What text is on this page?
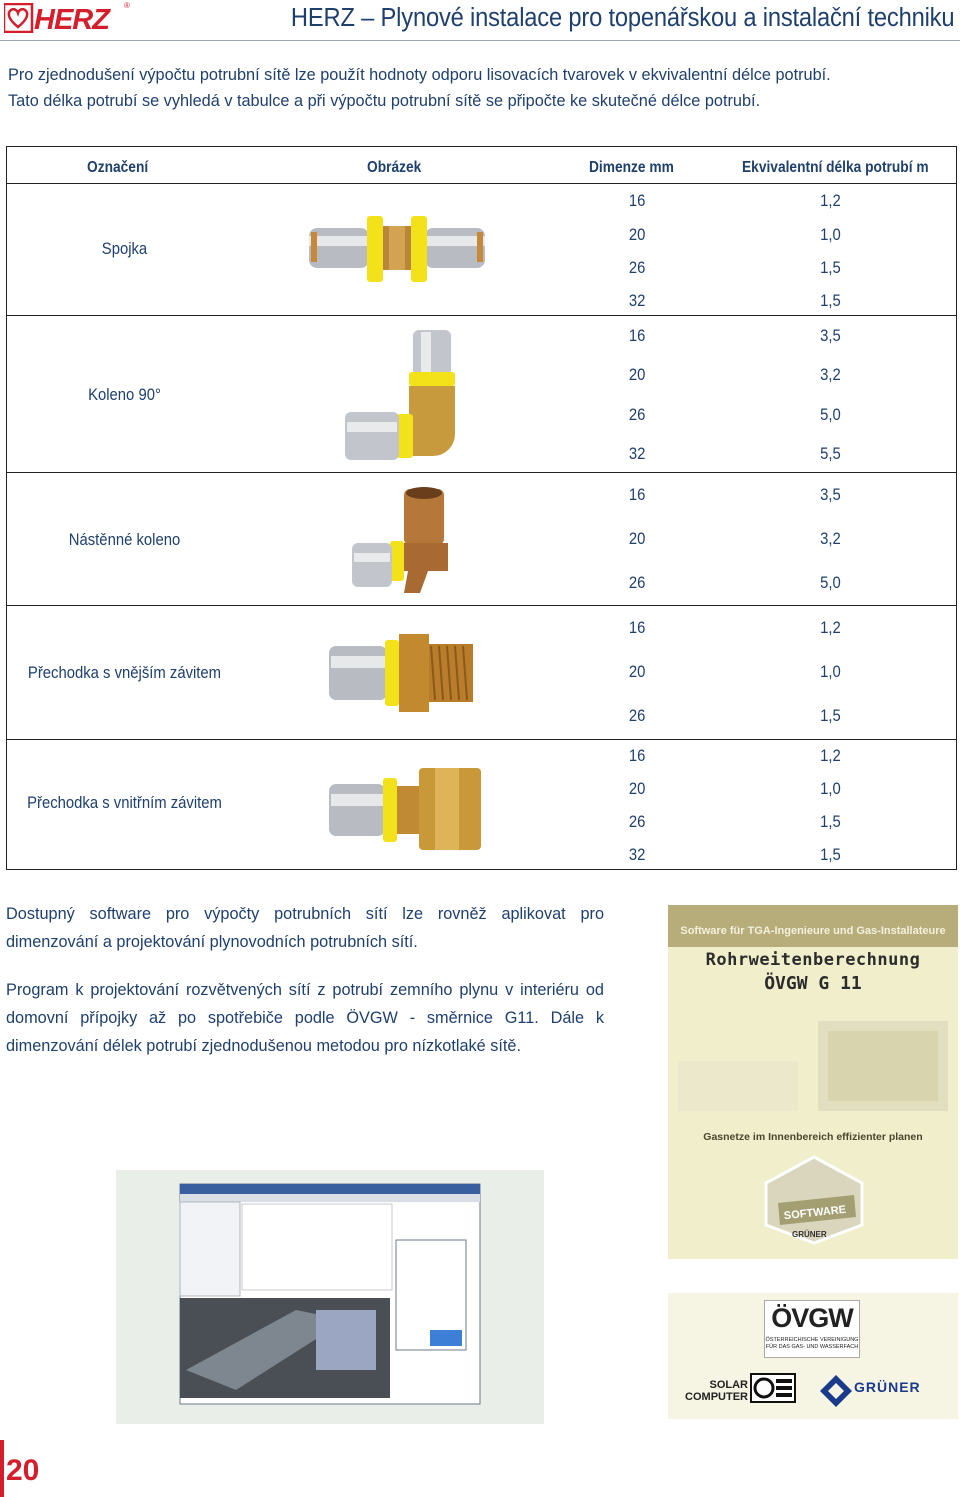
HERZ ®	HERZ – Plynové instalace pro topenářskou a instalační techniku

Pro zjednodušení výpočtu potrubní sítě lze použít hodnoty odporu lisovacích tvarovek v ekvivalentní délce potrubí.

Tato délka potrubí se vyhledá v tabulce a při výpočtu potrubní sítě se připočte ke skutečné délce potrubí.

Označení	Obrázek	Dimenze mm	Ekvivalentní délka potrubí m
Spojka
16	1,2
20	1,0
26	1,5
32	1,5
Koleno 90°
16	3,5
20	3,2
26	5,0
32	5,5
Nástěnné koleno
16	3,5
20	3,2
26	5,0
Přechodka s vnějším závitem
16	1,2
20	1,0
26	1,5
Přechodka s vnitřním závitem
16	1,2
20	1,0
26	1,5
32	1,5

Dostupný software pro výpočty potrubních sítí lze rovněž aplikovat pro dimenzování a projektování plynovodních potrubních sítí.

Program k projektování rozvětvených sítí z potrubí zemního plynu v interiéru od domovní přípojky až po spotřebiče podle ÖVGW - směrnice G11. Dále k dimenzování délek potrubí zjednodušenou metodou pro nízkotlaké sítě.

Software für TGA-Ingenieure und Gas-Installateure
Rohrweitenberechnung
ÖVGW G 11
Gasnetze im Innenbereich effizienter planen
SOFTWARE
GRÜNER
ÖVGW
ÖSTERREICHISCHE VEREINIGUNG FÜR DAS GAS- UND WASSERFACH
SOLAR COMPUTER
GRÜNER
20
